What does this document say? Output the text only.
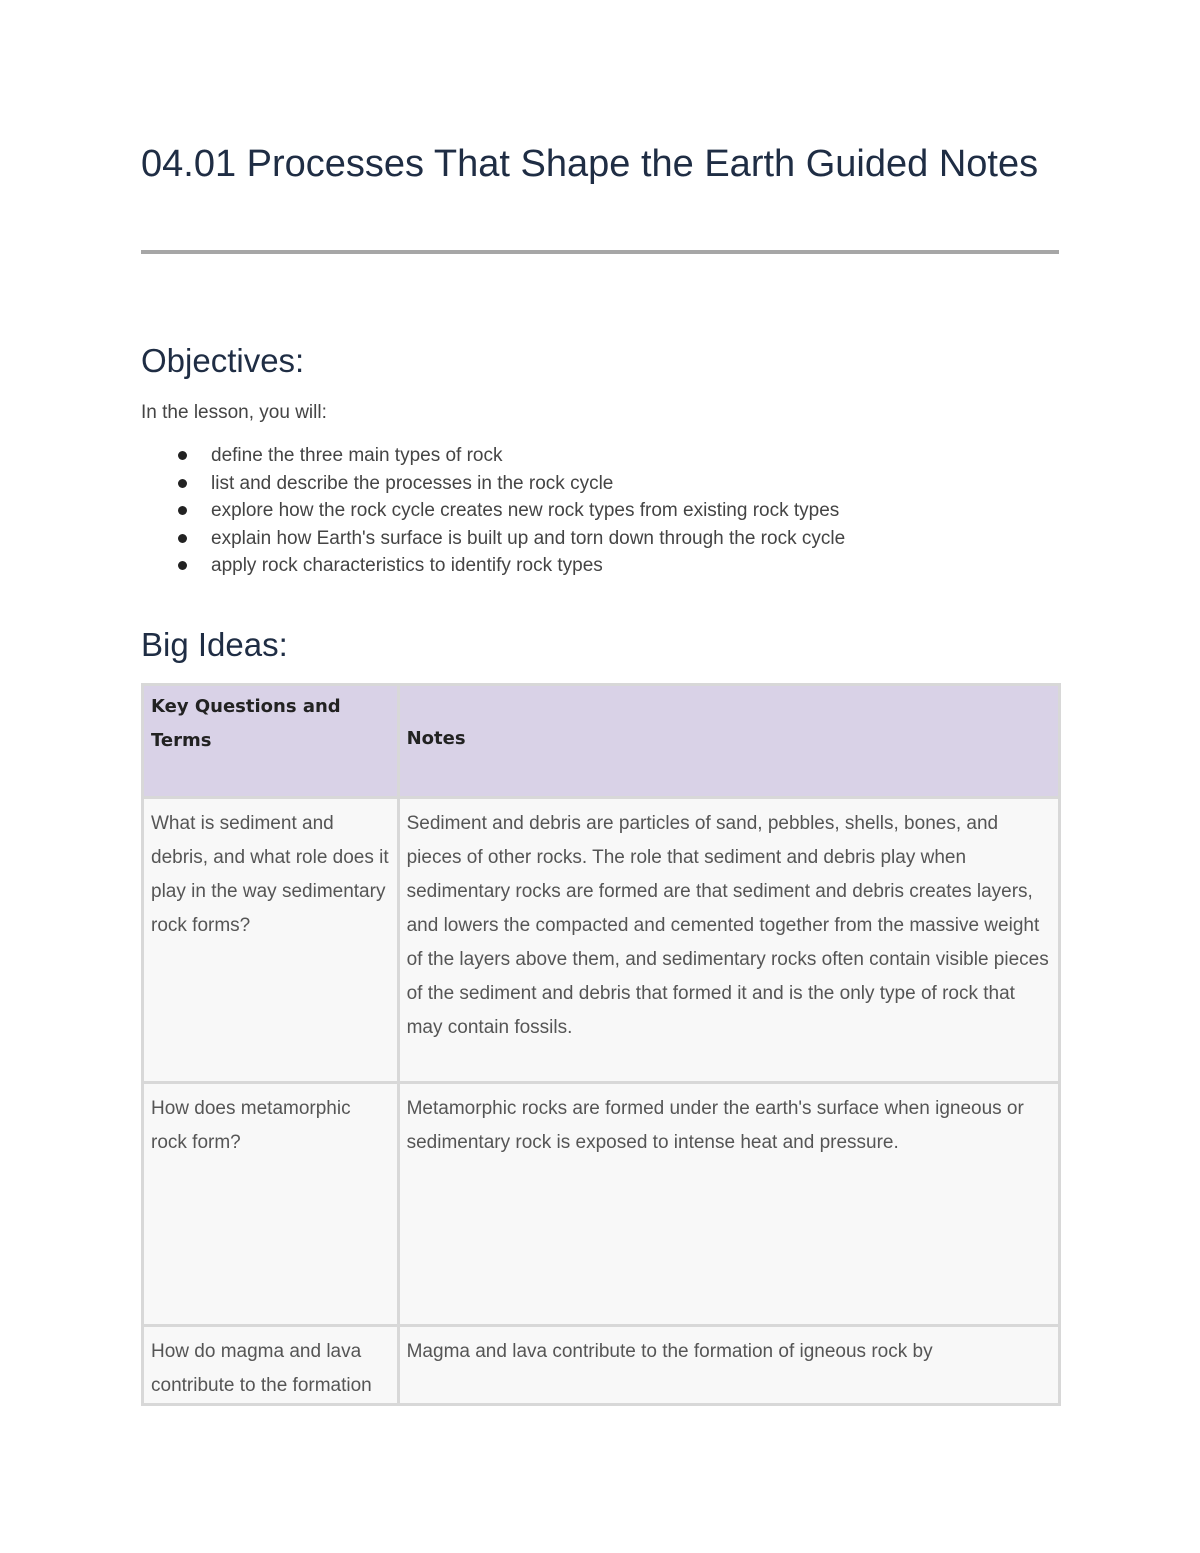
04.01 Processes That Shape the Earth Guided Notes
Objectives:

In the lesson, you will:

define the three main types of rock
list and describe the processes in the rock cycle
explore how the rock cycle creates new rock types from existing rock types
explain how Earth's surface is built up and torn down through the rock cycle
apply rock characteristics to identify rock types
Big Ideas:
Key Questions and Terms	Notes
What is sediment and debris, and what role does it play in the way sedimentary rock forms?	Sediment and debris are particles of sand, pebbles, shells, bones, and pieces of other rocks. The role that sediment and debris play when sedimentary rocks are formed are that sediment and debris creates layers, and lowers the compacted and cemented together from the massive weight of the layers above them, and sedimentary rocks often contain visible pieces of the sediment and debris that formed it and is the only type of rock that may contain fossils.
How does metamorphic rock form?	Metamorphic rocks are formed under the earth's surface when igneous or sedimentary rock is exposed to intense heat and pressure.
How do magma and lava contribute to the formation	Magma and lava contribute to the formation of igneous rock by
